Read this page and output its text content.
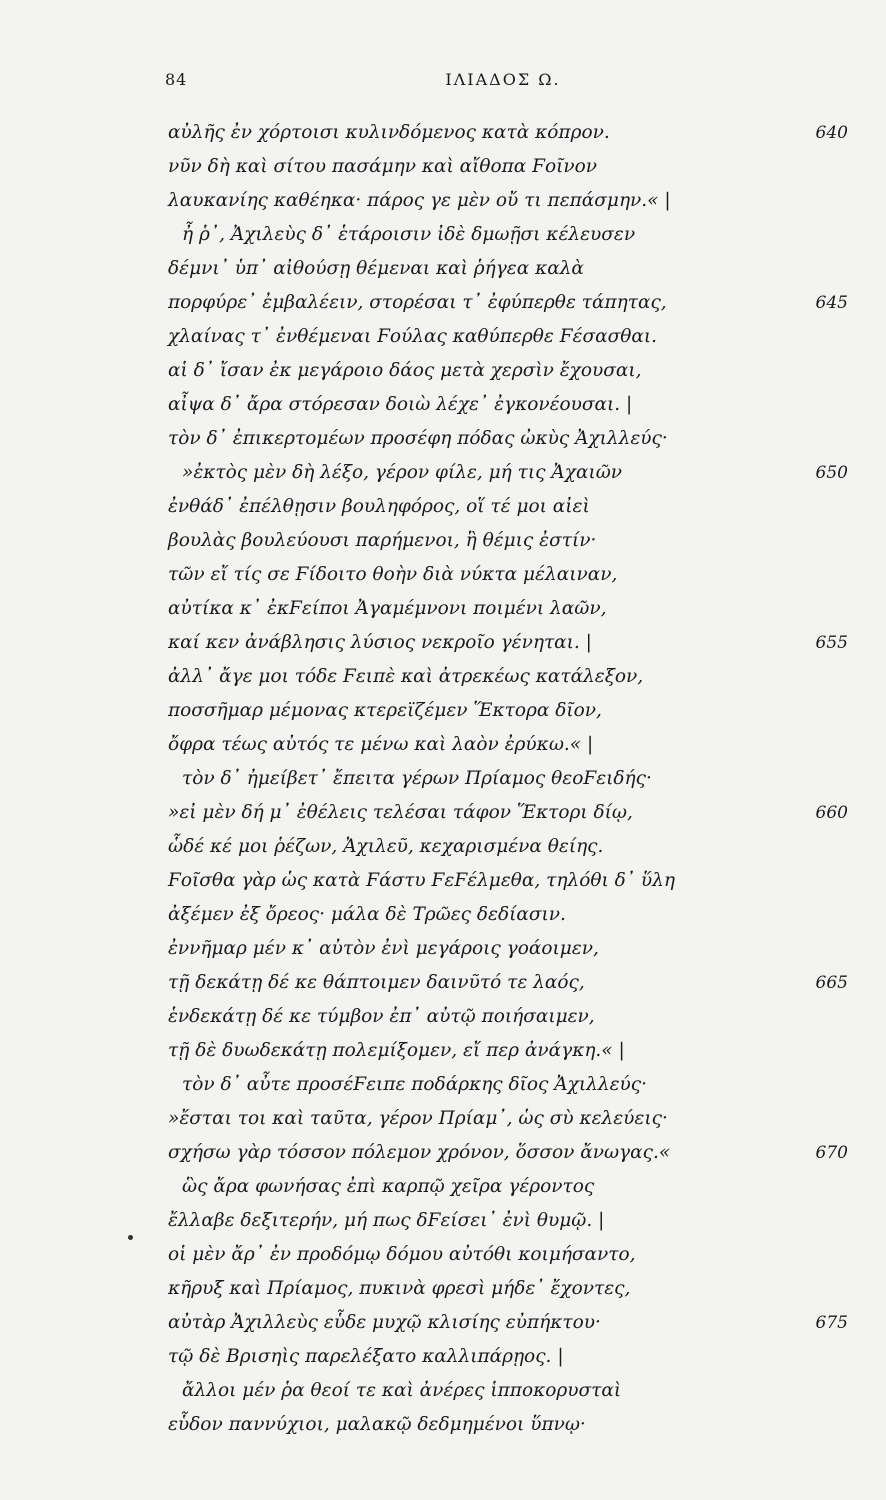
84	ΙΛΙΑΔΟΣ Ω.
αὐλῆς ἐν χόρτοισι κυλινδόμενος κατὰ κόπρον.	640
νῦν δὴ καὶ σίτου πασάμην καὶ αἴθοπα Ϝοῖνον
λαυκανίης καθέηκα· πάρος γε μὲν οὔ τι πεπάσμην.« |
ἦ ῥ᾽, Ἀχιλεὺς δ᾽ ἑτάροισιν ἰδὲ δμωῇσι κέλευσεν
δέμνι᾽ ὑπ᾽ αἰθούσῃ θέμεναι καὶ ῥήγεα καλὰ
πορφύρε᾽ ἐμβαλέειν, στορέσαι τ᾽ ἐφύπερθε τάπητας,	645
χλαίνας τ᾽ ἐνθέμεναι Ϝούλας καθύπερθε Ϝέσασθαι.
αἱ δ᾽ ἴσαν ἐκ μεγάροιο δάος μετὰ χερσὶν ἔχουσαι,
αἶψα δ᾽ ἄρα στόρεσαν δοιὼ λέχε᾽ ἐγκονέουσαι. |
τὸν δ᾽ ἐπικερτομέων προσέφη πόδας ὠκὺς Ἀχιλλεύς·
»ἐκτὸς μὲν δὴ λέξο, γέρον φίλε, μή τις Ἀχαιῶν	650
ἐνθάδ᾽ ἐπέλθῃσιν βουληφόρος, οἵ τέ μοι αἰεὶ
βουλὰς βουλεύουσι παρήμενοι, ἣ θέμις ἐστίν·
τῶν εἴ τίς σε Ϝίδοιτο θοὴν διὰ νύκτα μέλαιναν,
αὐτίκα κ᾽ ἐκϜείποι Ἀγαμέμνονι ποιμένι λαῶν,
καί κεν ἀνάβλησις λύσιος νεκροῖο γένηται. |	655
ἀλλ᾽ ἄγε μοι τόδε Ϝειπὲ καὶ ἀτρεκέως κατάλεξον,
ποσσῆμαρ μέμονας κτερεϊζέμεν Ἕκτορα δῖον,
ὄφρα τέως αὐτός τε μένω καὶ λαὸν ἐρύκω.« |
τὸν δ᾽ ἠμείβετ᾽ ἔπειτα γέρων Πρίαμος θεοϜειδής·
»εἰ μὲν δή μ᾽ ἐθέλεις τελέσαι τάφον Ἕκτορι δίῳ,	660
ὧδέ κέ μοι ῥέζων, Ἀχιλεῦ, κεχαρισμένα θείης.
Ϝοῖσθα γὰρ ὡς κατὰ Ϝάστυ ϜεϜέλμεθα, τηλόθι δ᾽ ὕλη
ἀξέμεν ἐξ ὄρεος· μάλα δὲ Τρῶες δεδίασιν.
ἐννῆμαρ μέν κ᾽ αὐτὸν ἐνὶ μεγάροις γοάοιμεν,
τῇ δεκάτῃ δέ κε θάπτοιμεν δαινῦτό τε λαός,	665
ἑνδεκάτῃ δέ κε τύμβον ἐπ᾽ αὐτῷ ποιήσαιμεν,
τῇ δὲ δυωδεκάτῃ πολεμίξομεν, εἴ περ ἀνάγκη.« |
τὸν δ᾽ αὖτε προσέϜειπε ποδάρκης δῖος Ἀχιλλεύς·
»ἔσται τοι καὶ ταῦτα, γέρον Πρίαμ᾽, ὡς σὺ κελεύεις·
σχήσω γὰρ τόσσον πόλεμον χρόνον, ὅσσον ἄνωγας.«	670
ὣς ἄρα φωνήσας ἐπὶ καρπῷ χεῖρα γέροντος
ἔλλαβε δεξιτερήν, μή πως δϜείσει᾽ ἐνὶ θυμῷ. |
οἱ μὲν ἄρ᾽ ἐν προδόμῳ δόμου αὐτόθι κοιμήσαντο,
κῆρυξ καὶ Πρίαμος, πυκινὰ φρεσὶ μήδε᾽ ἔχοντες,
αὐτὰρ Ἀχιλλεὺς εὗδε μυχῷ κλισίης εὐπήκτου·	675
τῷ δὲ Βρισηὶς παρελέξατο καλλιπάρῃος. |
ἄλλοι μέν ῥα θεοί τε καὶ ἀνέρες ἱπποκορυσταὶ
εὗδον παννύχιοι, μαλακῷ δεδμημένοι ὕπνῳ·
